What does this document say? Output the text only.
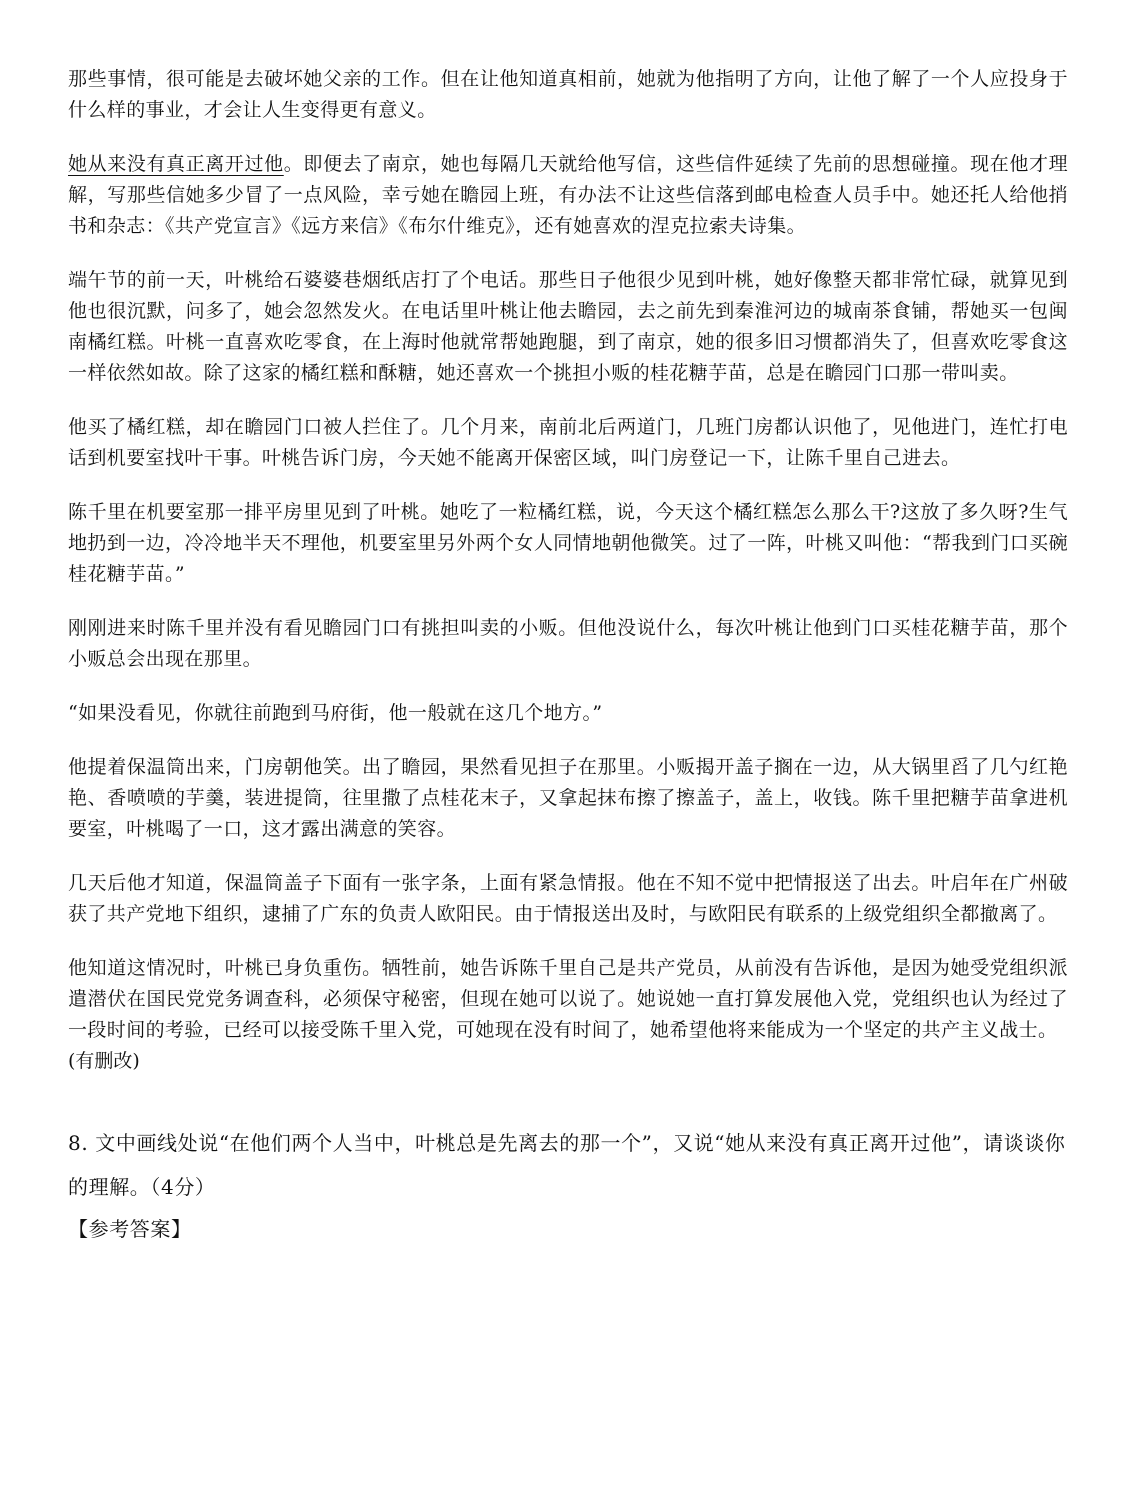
那些事情，很可能是去破坏她父亲的工作。但在让他知道真相前，她就为他指明了方向，让他了解了一个人应投身于什么样的事业，才会让人生变得更有意义。

她从来没有真正离开过他。即便去了南京，她也每隔几天就给他写信，这些信件延续了先前的思想碰撞。现在他才理解，写那些信她多少冒了一点风险，幸亏她在瞻园上班，有办法不让这些信落到邮电检查人员手中。她还托人给他捎书和杂志：《共产党宣言》《远方来信》《布尔什维克》，还有她喜欢的涅克拉索夫诗集。

端午节的前一天，叶桃给石婆婆巷烟纸店打了个电话。那些日子他很少见到叶桃，她好像整天都非常忙碌，就算见到他也很沉默，问多了，她会忽然发火。在电话里叶桃让他去瞻园，去之前先到秦淮河边的城南茶食铺，帮她买一包闽南橘红糕。叶桃一直喜欢吃零食，在上海时他就常帮她跑腿，到了南京，她的很多旧习惯都消失了，但喜欢吃零食这一样依然如故。除了这家的橘红糕和酥糖，她还喜欢一个挑担小贩的桂花糖芋苗，总是在瞻园门口那一带叫卖。

他买了橘红糕，却在瞻园门口被人拦住了。几个月来，南前北后两道门，几班门房都认识他了，见他进门，连忙打电话到机要室找叶干事。叶桃告诉门房，今天她不能离开保密区域，叫门房登记一下，让陈千里自己进去。

陈千里在机要室那一排平房里见到了叶桃。她吃了一粒橘红糕，说，今天这个橘红糕怎么那么干?这放了多久呀?生气地扔到一边，冷冷地半天不理他，机要室里另外两个女人同情地朝他微笑。过了一阵，叶桃又叫他：“帮我到门口买碗桂花糖芋苗。”

刚刚进来时陈千里并没有看见瞻园门口有挑担叫卖的小贩。但他没说什么，每次叶桃让他到门口买桂花糖芋苗，那个小贩总会出现在那里。

“如果没看见，你就往前跑到马府街，他一般就在这几个地方。”

他提着保温筒出来，门房朝他笑。出了瞻园，果然看见担子在那里。小贩揭开盖子搁在一边，从大锅里舀了几勺红艳艳、香喷喷的芋羹，装进提筒，往里撒了点桂花末子，又拿起抹布擦了擦盖子，盖上，收钱。陈千里把糖芋苗拿进机要室，叶桃喝了一口，这才露出满意的笑容。

几天后他才知道，保温筒盖子下面有一张字条，上面有紧急情报。他在不知不觉中把情报送了出去。叶启年在广州破获了共产党地下组织，逮捕了广东的负责人欧阳民。由于情报送出及时，与欧阳民有联系的上级党组织全都撤离了。

他知道这情况时，叶桃已身负重伤。牺牲前，她告诉陈千里自己是共产党员，从前没有告诉他，是因为她受党组织派遣潜伏在国民党党务调查科，必须保守秘密，但现在她可以说了。她说她一直打算发展他入党，党组织也认为经过了一段时间的考验，已经可以接受陈千里入党，可她现在没有时间了，她希望他将来能成为一个坚定的共产主义战士。

(有删改)

8. 文中画线处说“在他们两个人当中，叶桃总是先离去的那一个”，又说“她从来没有真正离开过他”，请谈谈你的理解。（4分）

【参考答案】
